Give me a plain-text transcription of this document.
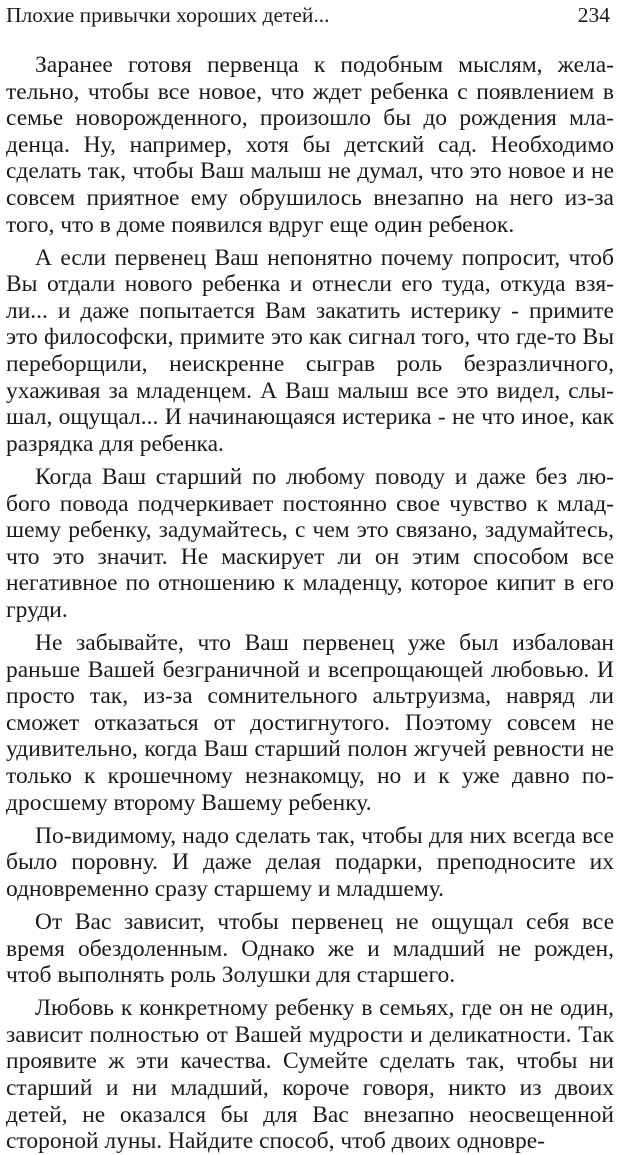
Плохие привычки хороших детей...	234

Заранее готовя первенца к подобным мыслям, желательно, чтобы все новое, что ждет ребенка с появлением в семье новорожденного, произошло бы до рождения младенца. Ну, например, хотя бы детский сад. Необходимо сделать так, чтобы Ваш малыш не думал, что это новое и не совсем приятное ему обрушилось внезапно на него из-за того, что в доме появился вдруг еще один ребенок.

А если первенец Ваш непонятно почему попросит, чтоб Вы отдали нового ребенка и отнесли его туда, откуда взяли... и даже попытается Вам закатить истерику - примите это философски, примите это как сигнал того, что где-то Вы переборщили, неискренне сыграв роль безразличного, ухаживая за младенцем. А Ваш малыш все это видел, слышал, ощущал... И начинающаяся истерика - не что иное, как разрядка для ребенка.

Когда Ваш старший по любому поводу и даже без любого повода подчеркивает постоянно свое чувство к младшему ребенку, задумайтесь, с чем это связано, задумайтесь, что это значит. Не маскирует ли он этим способом все негативное по отношению к младенцу, которое кипит в его груди.

Не забывайте, что Ваш первенец уже был избалован раньше Вашей безграничной и всепрощающей любовью. И просто так, из-за сомнительного альтруизма, навряд ли сможет отказаться от достигнутого. Поэтому совсем не удивительно, когда Ваш старший полон жгучей ревности не только к крошечному незнакомцу, но и к уже давно подросшему второму Вашему ребенку.

По-видимому, надо сделать так, чтобы для них всегда все было поровну. И даже делая подарки, преподносите их одновременно сразу старшему и младшему.

От Вас зависит, чтобы первенец не ощущал себя все время обездоленным. Однако же и младший не рожден, чтоб выполнять роль Золушки для старшего.

Любовь к конкретному ребенку в семьях, где он не один, зависит полностью от Вашей мудрости и деликатности. Так проявите ж эти качества. Сумейте сделать так, чтобы ни старший и ни младший, короче говоря, никто из двоих детей, не оказался бы для Вас внезапно неосвещенной стороной луны. Найдите способ, чтоб двоих одновре-
